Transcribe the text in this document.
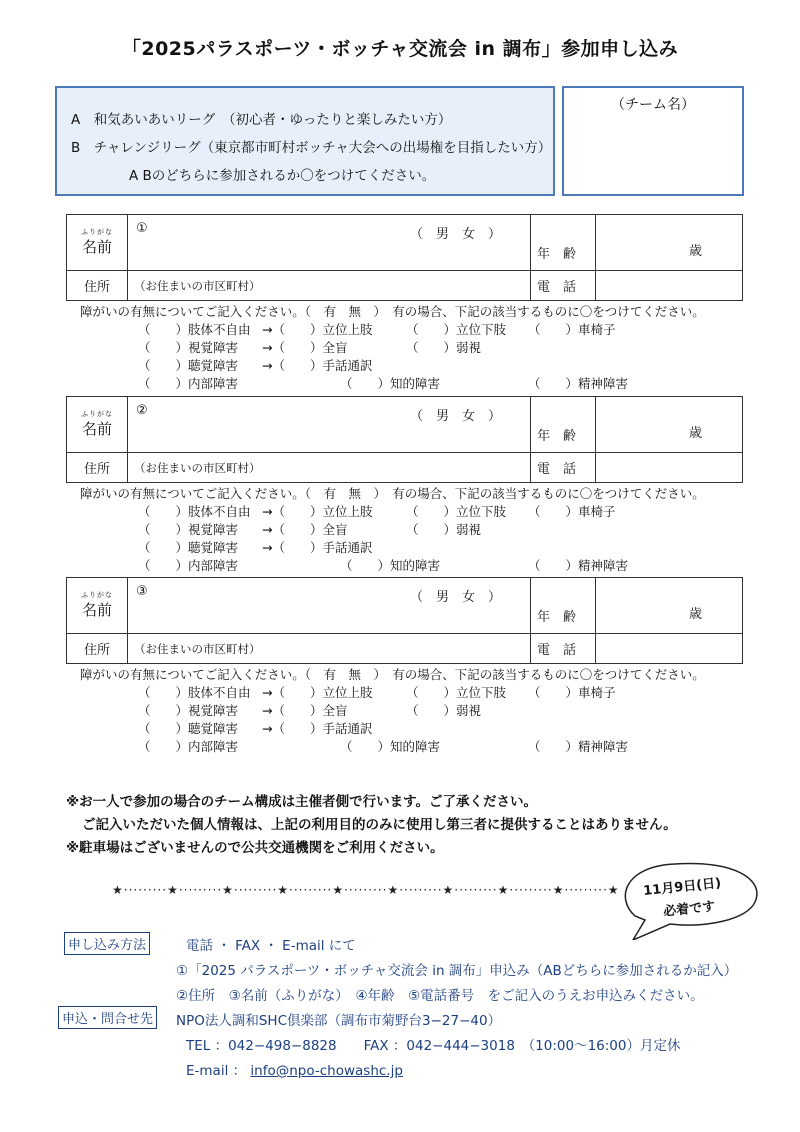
「2025パラスポーツ・ボッチャ交流会 in 調布」参加申し込み
A　和気あいあいリーグ　（初心者・ゆったりと楽しみたい方）
B　チャレンジリーグ（東京都市町村ボッチャ大会への出場権を目指したい方）
A Bのどちらに参加されるか〇をつけてください。
（チーム名）
ふりがな
名前	① （　男　女　）	年　齢	歳
住所	（お住まいの市区町村）	電　話	
障がいの有無についてご記入ください。（　有　無　）　有の場合、下記の該当するものに〇をつけてください。
（　　）肢体不自由 →（　　）立位上肢	（　　）立位下肢 （　　）車椅子
（　　）視覚障害 →（　　）全盲	（　　）弱視
（　　）聴覚障害 →（　　）手話通訳
（　　）内部障害	（　　）知的障害	（　　）精神障害
ふりがな
名前	② （　男　女　）	年　齢	歳
住所	（お住まいの市区町村）	電　話	
障がいの有無についてご記入ください。（　有　無　）　有の場合、下記の該当するものに〇をつけてください。
（　　）肢体不自由 →（　　）立位上肢	（　　）立位下肢 （　　）車椅子
（　　）視覚障害 →（　　）全盲	（　　）弱視
（　　）聴覚障害 →（　　）手話通訳
（　　）内部障害	（　　）知的障害	（　　）精神障害
ふりがな
名前	③ （　男　女　）	年　齢	歳
住所	（お住まいの市区町村）	電　話	
障がいの有無についてご記入ください。（　有　無　）　有の場合、下記の該当するものに〇をつけてください。
（　　）肢体不自由 →（　　）立位上肢	（　　）立位下肢 （　　）車椅子
（　　）視覚障害 →（　　）全盲	（　　）弱視
（　　）聴覚障害 →（　　）手話通訳
（　　）内部障害	（　　）知的障害	（　　）精神障害
※お一人で参加の場合のチーム構成は主催者側で行います。ご了承ください。
ご記入いただいた個人情報は、上記の利用目的のみに使用し第三者に提供することはありません。
※駐車場はございませんので公共交通機関をご利用ください。
★·········★·········★·········★·········★·········★·········★·········★·········★·········★ 11月9日(日)
必着です
申し込み方法	電話 ・ FAX ・ E-mail にて
①「2025 パラスポーツ・ボッチャ交流会 in 調布」申込み（ABどちらに参加されるか記入）
②住所　③名前（ふりがな）　④年齢　⑤電話番号　をご記入のうえお申込みください。
申込・問合せ先 NPO法人調和SHC倶楽部（調布市菊野台3−27−40）
TEL ：042−498−8828　　FAX ：042−444−3018　（10:00〜16:00）月定休
E-mail ： info@npo-chowashc.jp
